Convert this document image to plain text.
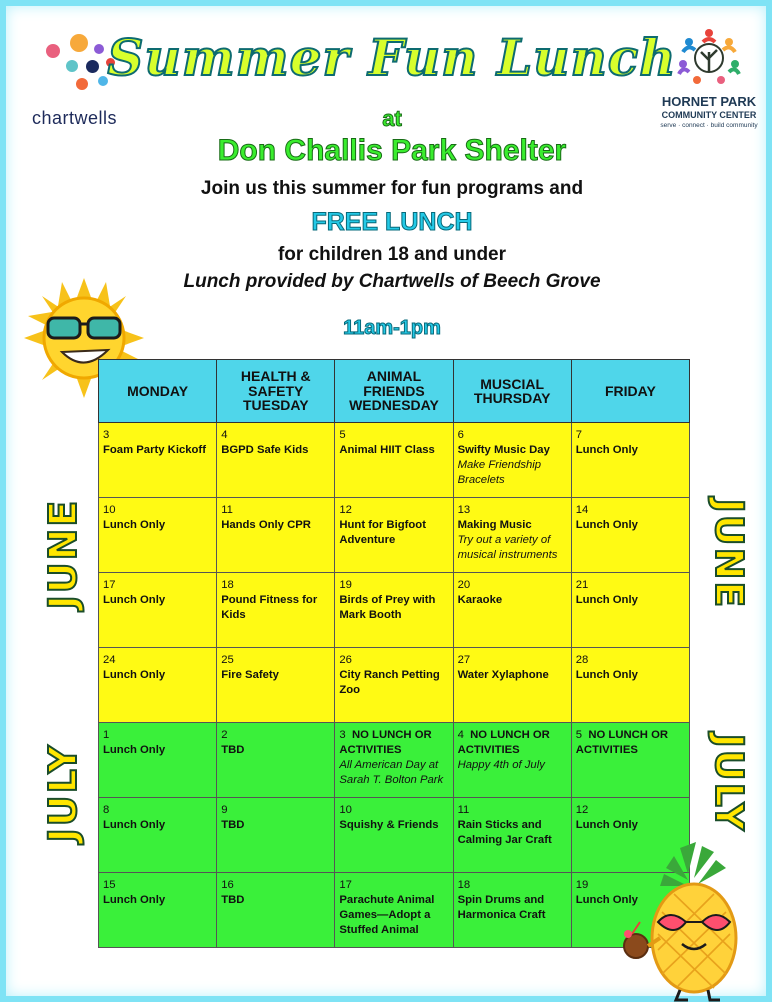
chartwells
HORNET PARK
COMMUNITY CENTER
serve · connect · build community
Summer Fun Lunch
at
Don Challis Park Shelter
Join us this summer for fun programs and
FREE LUNCH
for children 18 and under
Lunch provided by Chartwells of Beech Grove
11am-1pm
JUNE
JULY
JUNE
JULY
MONDAY	HEALTH & SAFETY TUESDAY	ANIMAL FRIENDS WEDNESDAY	MUSCIAL THURSDAY	FRIDAY

3
Foam Party Kickoff	4
BGPD Safe Kids	5
Animal HIIT Class	6
Swifty Music Day
Make Friendship Bracelets	7
Lunch Only

10
Lunch Only	11
Hands Only CPR	12
Hunt for Bigfoot Adventure	13
Making Music
Try out a variety of musical instruments	14
Lunch Only

17
Lunch Only	18
Pound Fitness for Kids	19
Birds of Prey with Mark Booth	20
Karaoke	21
Lunch Only

24
Lunch Only	25
Fire Safety	26
City Ranch Petting Zoo	27
Water Xylaphone	28
Lunch Only

1
Lunch Only	2
TBD	3 NO LUNCH OR ACTIVITIES
All American Day at Sarah T. Bolton Park	4 NO LUNCH OR ACTIVITIES
Happy 4th of July	5 NO LUNCH OR ACTIVITIES

8
Lunch Only	9
TBD	10
Squishy & Friends	11
Rain Sticks and Calming Jar Craft	12
Lunch Only

15
Lunch Only	16
TBD	17
Parachute Animal Games—Adopt a Stuffed Animal	18
Spin Drums and Harmonica Craft	19
Lunch Only
